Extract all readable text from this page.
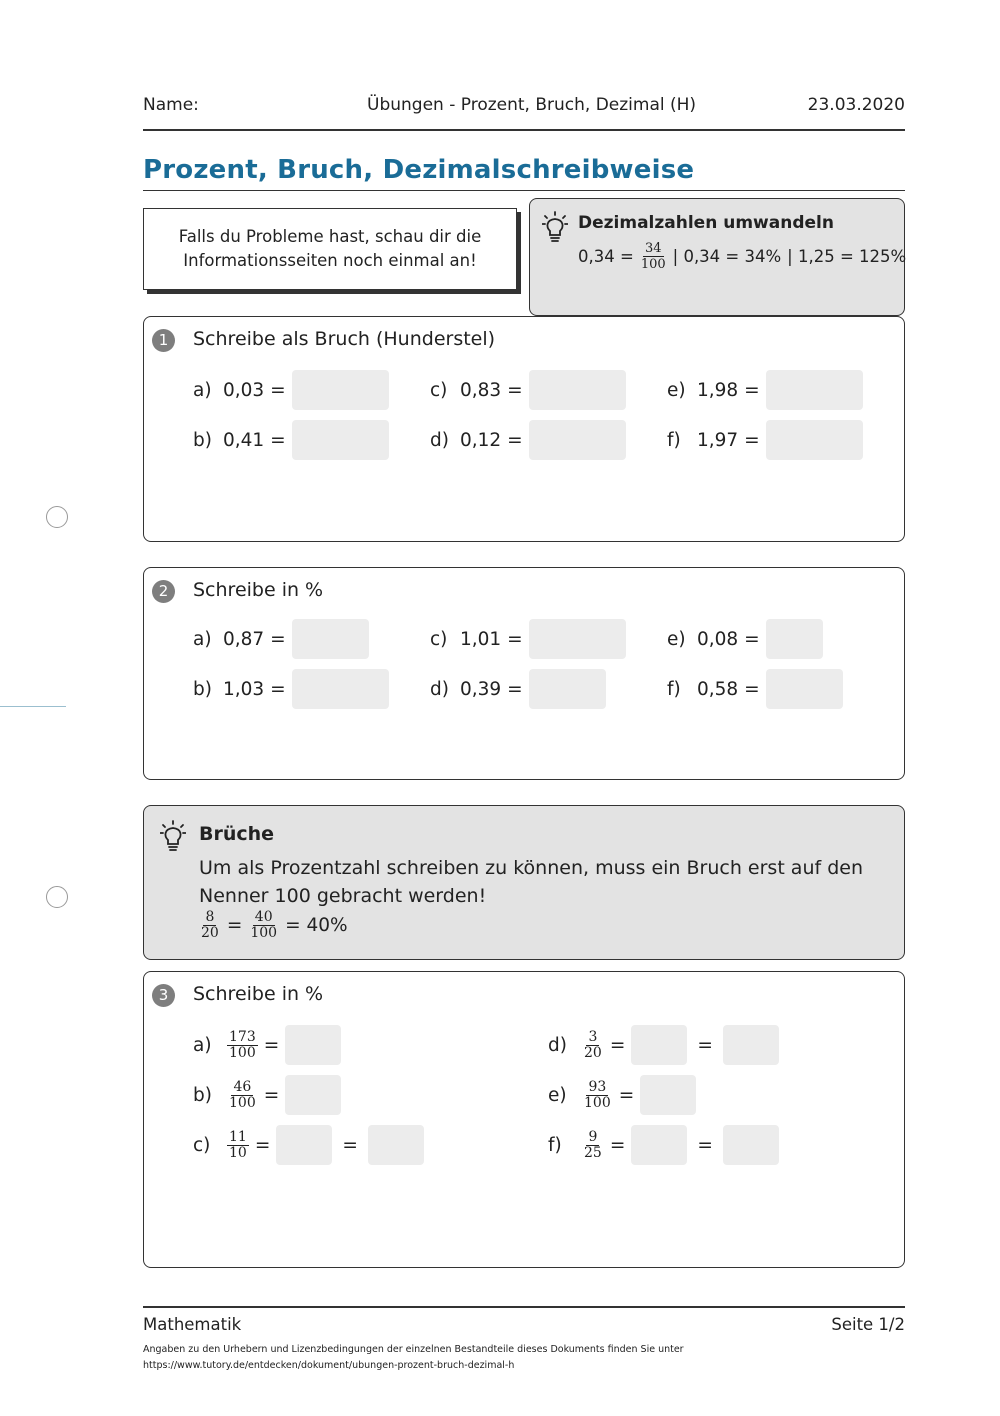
Name:	Übungen - Prozent, Bruch, Dezimal (H)	23.03.2020
Prozent, Bruch, Dezimalschreibweise
Falls du Probleme hast, schau dir die
Informationsseiten noch einmal an!
Dezimalzahlen umwandeln
$0,34 = \frac{34}{100}$ | 0,34 = 34% | 1,25 = 125%
1	Schreibe als Bruch (Hunderstel)
a) 0,03 =
b) 0,41 =
c) 0,83 =
d) 0,12 =
e) 1,98 =
f) 1,97 =
2	Schreibe in %
a) 0,87 =
b) 1,03 =
c) 1,01 =
d) 0,39 =
e) 0,08 =
f) 0,58 =
Brüche
Um als Prozentzahl schreiben zu können, muss ein Bruch erst auf den
Nenner 100 gebracht werden!
$\frac{8}{20} = \frac{40}{100} = 40\%$
3	Schreibe in %
a)	$\frac{173}{100}$ =
b)	$\frac{46}{100}$ =
c)	$\frac{11}{10}$ =	=
d)	$\frac{3}{20}$ =	=
e)	$\frac{93}{100}$ =
f)	$\frac{9}{25}$ =	=
Mathematik	Seite 1/2
Angaben zu den Urhebern und Lizenzbedingungen der einzelnen Bestandteile dieses Dokuments finden Sie unter
https://www.tutory.de/entdecken/dokument/ubungen-prozent-bruch-dezimal-h
